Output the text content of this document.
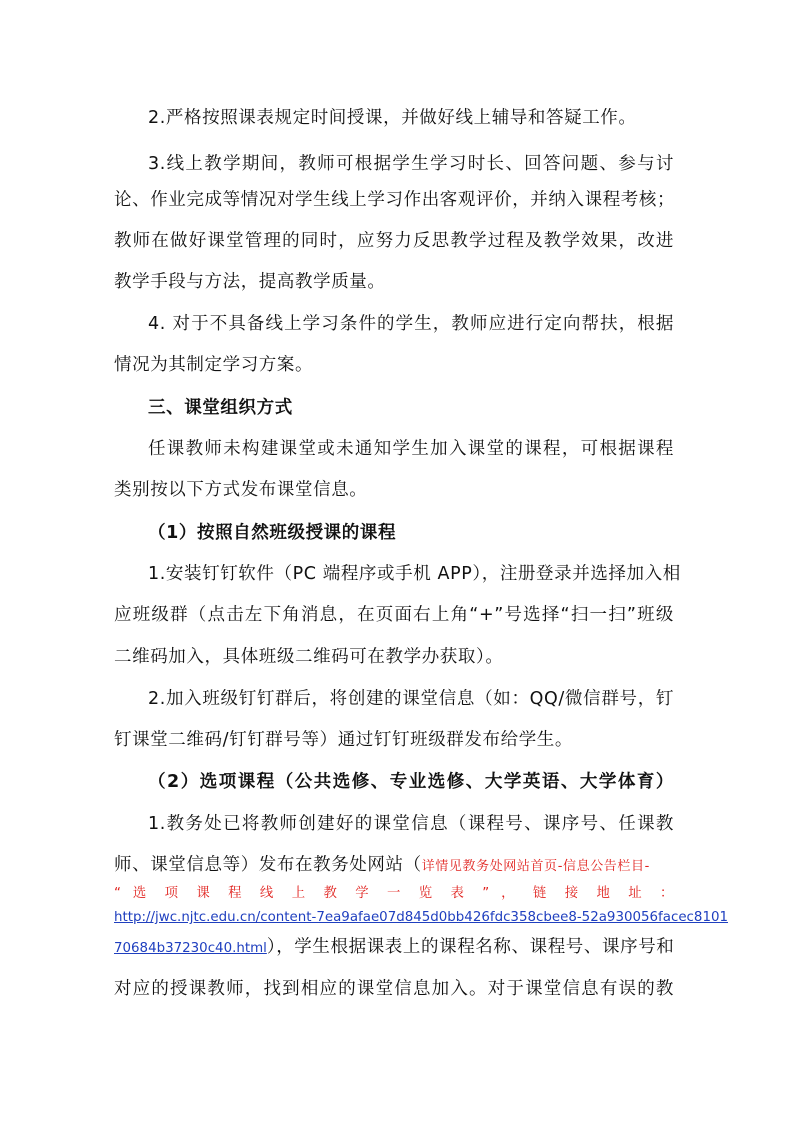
2.严格按照课表规定时间授课，并做好线上辅导和答疑工作。
3.线上教学期间，教师可根据学生学习时长、回答问题、参与讨
论、作业完成等情况对学生线上学习作出客观评价，并纳入课程考核；
教师在做好课堂管理的同时，应努力反思教学过程及教学效果，改进
教学手段与方法，提高教学质量。
4. 对于不具备线上学习条件的学生，教师应进行定向帮扶，根据
情况为其制定学习方案。
三、课堂组织方式
任课教师未构建课堂或未通知学生加入课堂的课程，可根据课程
类别按以下方式发布课堂信息。
（1）按照自然班级授课的课程
1.安装钉钉软件（PC 端程序或手机 APP），注册登录并选择加入相
应班级群（点击左下角消息，在页面右上角“+”号选择“扫一扫”班级
二维码加入，具体班级二维码可在教学办获取）。
2.加入班级钉钉群后，将创建的课堂信息（如：QQ/微信群号，钉
钉课堂二维码/钉钉群号等）通过钉钉班级群发布给学生。
（2）选项课程（公共选修、专业选修、大学英语、大学体育）
1.教务处已将教师创建好的课堂信息（课程号、课序号、任课教
师、课堂信息等）发布在教务处网站（详情见教务处网站首页-信息公告栏目-
“ 选 项 课 程 线 上 教 学 一 览 表 ” ， 链 接 地 址 ：
http://jwc.njtc.edu.cn/content-7ea9afae07d845d0bb426fdc358cbee8-52a930056facec8101
70684b37230c40.html），学生根据课表上的课程名称、课程号、课序号和
对应的授课教师，找到相应的课堂信息加入。对于课堂信息有误的教
